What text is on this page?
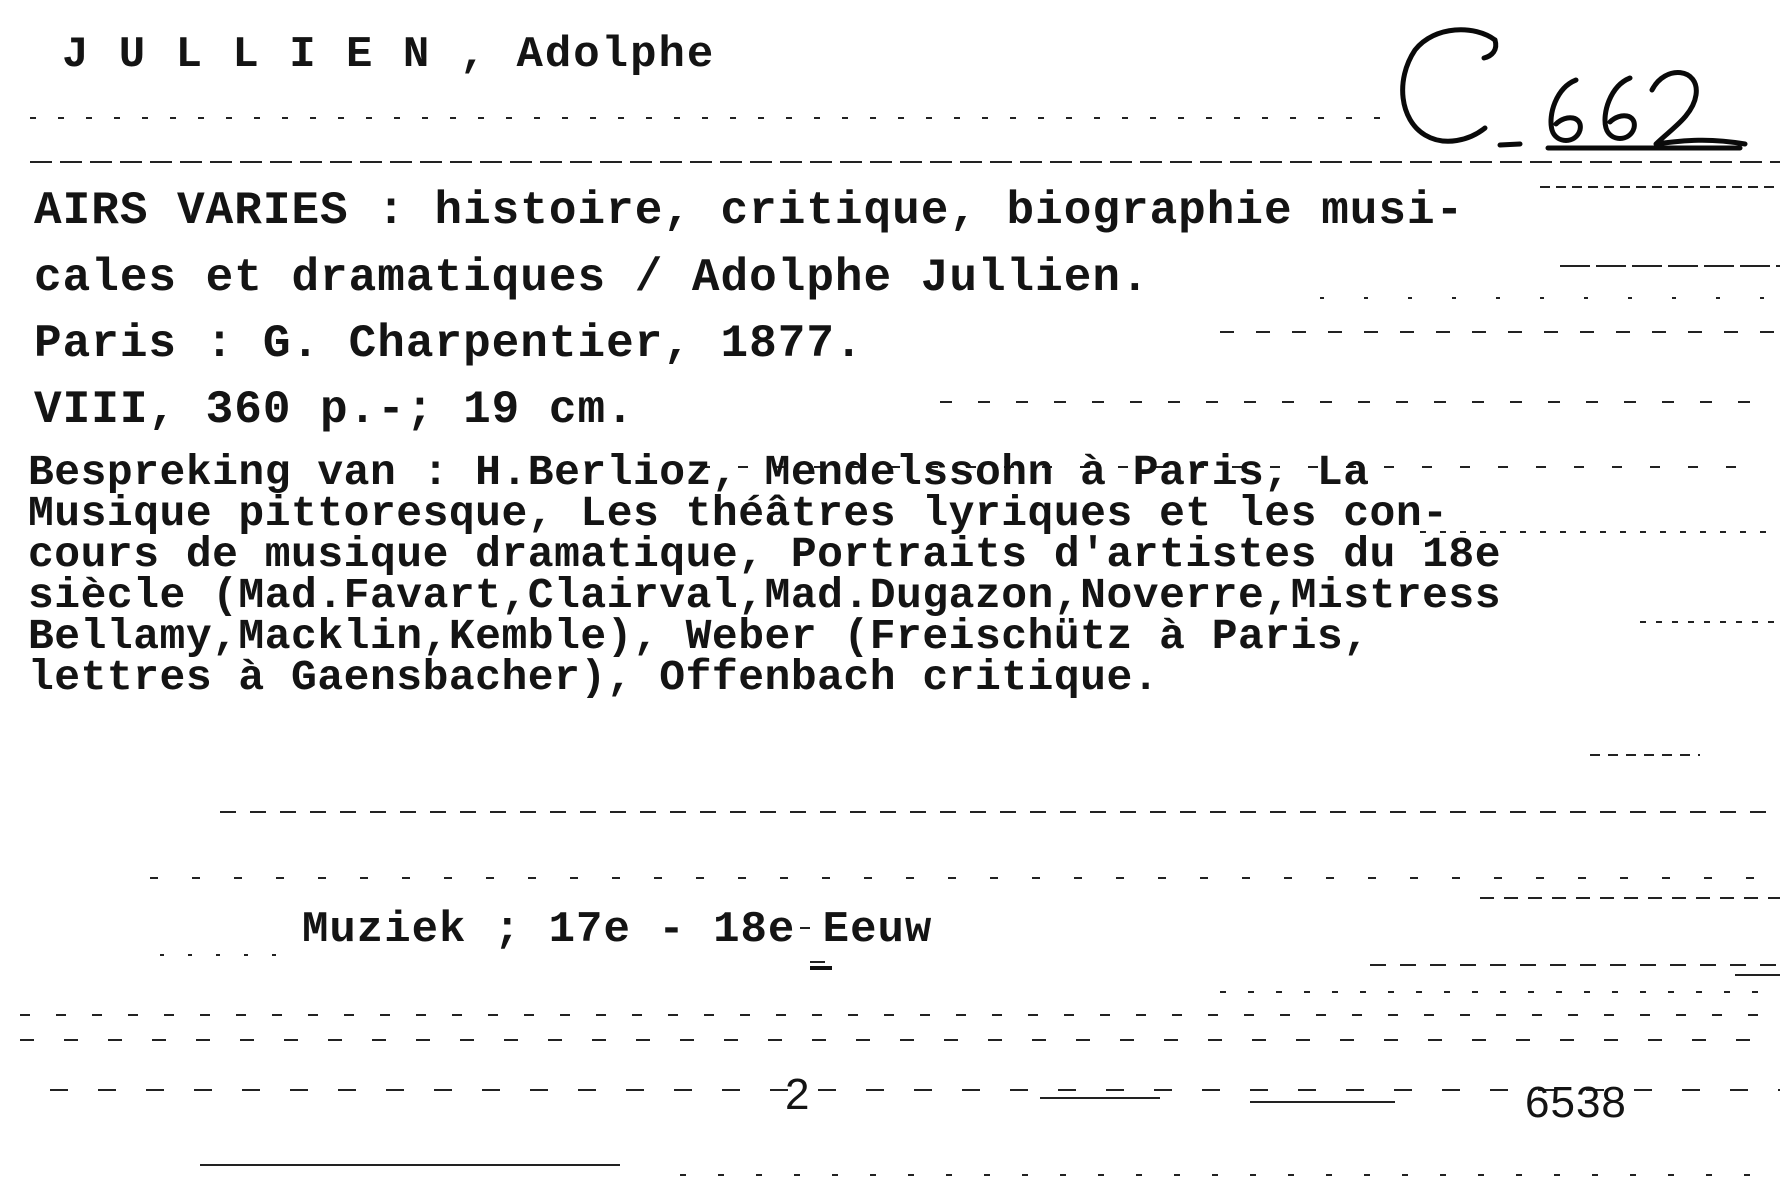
J U L L I E N , Adolphe
AIRS VARIES : histoire, critique, biographie musi-
cales et dramatiques / Adolphe Jullien.
Paris : G. Charpentier, 1877.
VIII, 360 p.-; 19 cm.
Bespreking van : H.Berlioz, Mendelssohn à Paris, La
Musique pittoresque, Les théâtres lyriques et les con-
cours de musique dramatique, Portraits d'artistes du 18e
siècle (Mad.Favart,Clairval,Mad.Dugazon,Noverre,Mistress
Bellamy,Macklin,Kemble), Weber (Freischütz à Paris,
lettres à Gaensbacher), Offenbach critique.
Muziek ; 17e - 18e Eeuw
2	6538
